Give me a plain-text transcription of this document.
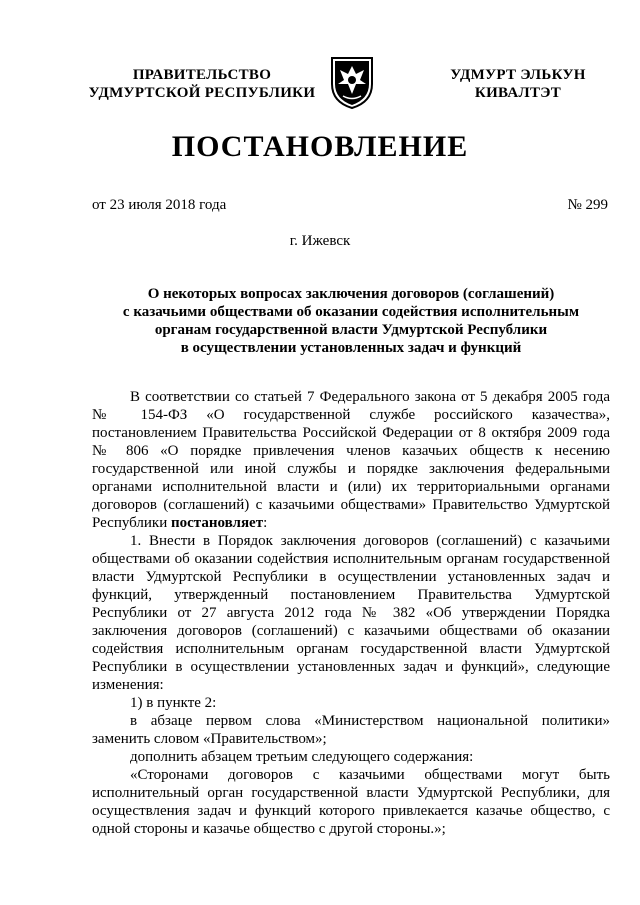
ПРАВИТЕЛЬСТВО
УДМУРТСКОЙ РЕСПУБЛИКИ
УДМУРТ ЭЛЬКУН
КИВАЛТЭТ
ПОСТАНОВЛЕНИЕ
от 23 июля 2018 года	№ 299
г. Ижевск
О некоторых вопросах заключения договоров (соглашений)
с казачьими обществами об оказании содействия исполнительным
органам государственной власти Удмуртской Республики
в осуществлении установленных задач и функций
В соответствии со статьей 7 Федерального закона от 5 декабря 2005 года
№ 154-ФЗ «О государственной службе российского казачества»,
постановлением Правительства Российской Федерации от 8 октября 2009 года
№ 806 «О порядке привлечения членов казачьих обществ к несению
государственной или иной службы и порядке заключения федеральными
органами исполнительной власти и (или) их территориальными органами
договоров (соглашений) с казачьими обществами» Правительство Удмуртской
Республики постановляет:
1. Внести в Порядок заключения договоров (соглашений) с казачьими
обществами об оказании содействия исполнительным органам государственной
власти Удмуртской Республики в осуществлении установленных задач и
функций, утвержденный постановлением Правительства Удмуртской
Республики от 27 августа 2012 года № 382 «Об утверждении Порядка
заключения договоров (соглашений) с казачьими обществами об оказании
содействия исполнительным органам государственной власти Удмуртской
Республики в осуществлении установленных задач и функций», следующие
изменения:
1) в пункте 2:
в абзаце первом слова «Министерством национальной политики»
заменить словом «Правительством»;
дополнить абзацем третьим следующего содержания:
«Сторонами договоров с казачьими обществами могут быть
исполнительный орган государственной власти Удмуртской Республики, для
осуществления задач и функций которого привлекается казачье общество, с
одной стороны и казачье общество с другой стороны.»;
